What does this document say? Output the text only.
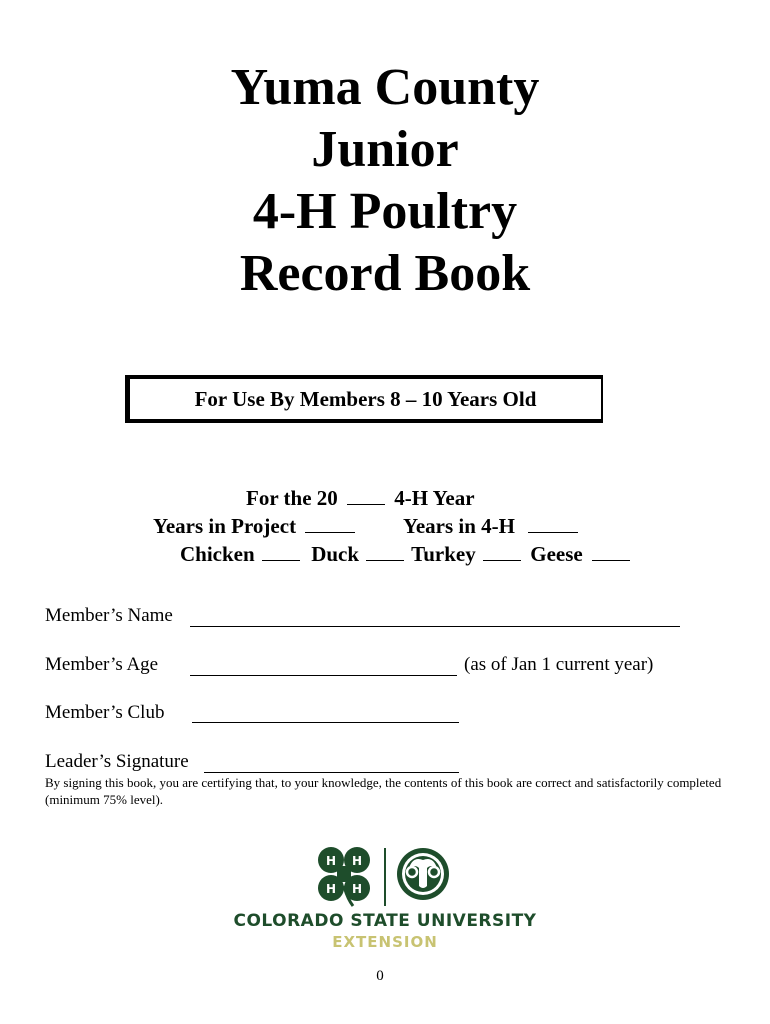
Yuma County
Junior
4-H Poultry
Record Book
For Use By Members 8 – 10 Years Old
For the 20	4-H Year
Years in Project	Years in 4-H
Chicken	Duck Turkey	Geese
Member’s Name
Member’s Age	(as of Jan 1 current year)
Member’s Club
Leader’s Signature
By signing this book, you are certifying that, to your knowledge, the contents of this book are correct and satisfactorily completed (minimum 75% level).
H H
H H
COLORADO STATE UNIVERSITY
EXTENSION
0
